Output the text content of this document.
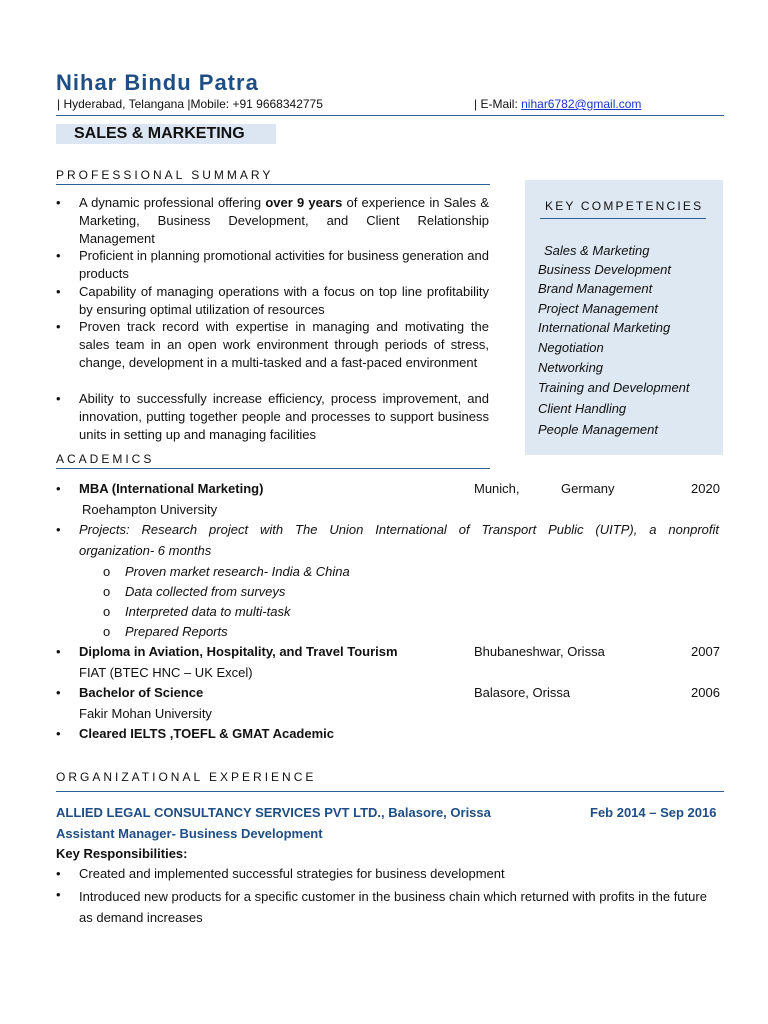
Nihar Bindu Patra
| Hyderabad, Telangana |Mobile: +91 9668342775	| E-Mail: nihar6782@gmail.com
SALES & MARKETING
PROFESSIONAL SUMMARY
• A dynamic professional offering over 9 years of experience in Sales & Marketing, Business Development, and Client Relationship Management
• Proficient in planning promotional activities for business generation and products
• Capability of managing operations with a focus on top line profitability by ensuring optimal utilization of resources
• Proven track record with expertise in managing and motivating the sales team in an open work environment through periods of stress, change, development in a multi-tasked and a fast-paced environment
• Ability to successfully increase efficiency, process improvement, and innovation, putting together people and processes to support business units in setting up and managing facilities
KEY COMPETENCIES
Sales & Marketing
Business Development
Brand Management
Project Management
International Marketing
Negotiation
Networking
Training and Development
Client Handling
People Management
ACADEMICS
• MBA (International Marketing)	Munich,	Germany	2020
Roehampton University
• Projects: Research project with The Union International of Transport Public (UITP), a nonprofit
organization- 6 months
o Proven market research- India & China
o Data collected from surveys
o Interpreted data to multi-task
o Prepared Reports
• Diploma in Aviation, Hospitality, and Travel Tourism	Bhubaneshwar, Orissa	2007
FIAT (BTEC HNC – UK Excel)
• Bachelor of Science	Balasore, Orissa	2006
Fakir Mohan University
• Cleared IELTS ,TOEFL & GMAT Academic
ORGANIZATIONAL EXPERIENCE
ALLIED LEGAL CONSULTANCY SERVICES PVT LTD., Balasore, Orissa	Feb 2014 – Sep 2016
Assistant Manager- Business Development
Key Responsibilities:
• Created and implemented successful strategies for business development
• Introduced new products for a specific customer in the business chain which returned with profits in the future as demand increases
